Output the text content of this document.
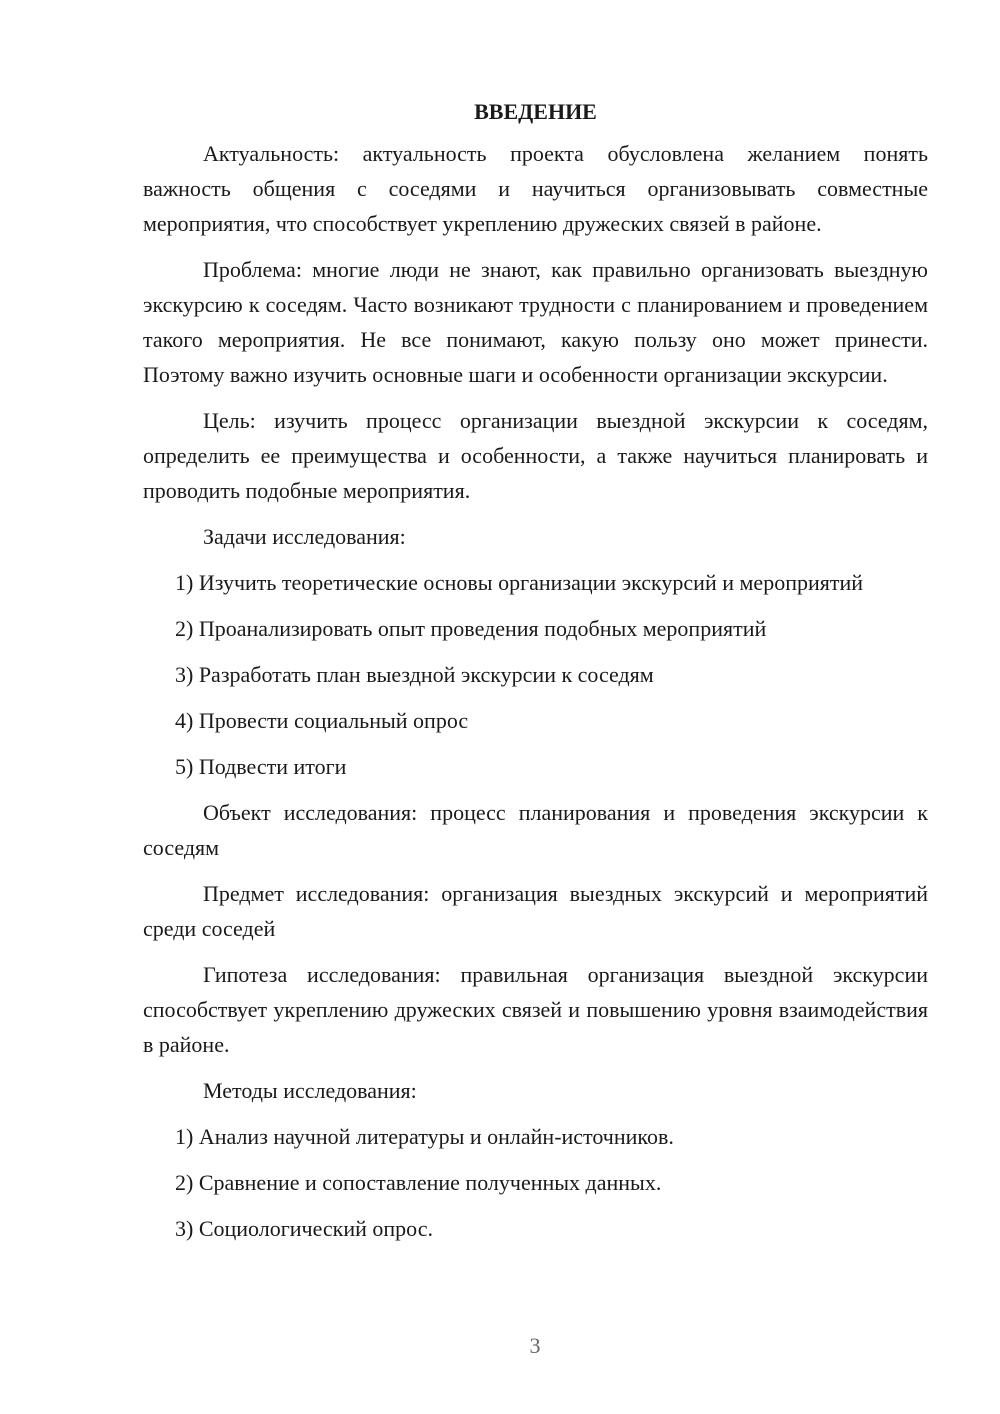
ВВЕДЕНИЕ

Актуальность: актуальность проекта обусловлена желанием понять важность общения с соседями и научиться организовывать совместные мероприятия, что способствует укреплению дружеских связей в районе.

Проблема: многие люди не знают, как правильно организовать выездную экскурсию к соседям. Часто возникают трудности с планированием и проведением такого мероприятия. Не все понимают, какую пользу оно может принести. Поэтому важно изучить основные шаги и особенности организации экскурсии.

Цель: изучить процесс организации выездной экскурсии к соседям, определить ее преимущества и особенности, а также научиться планировать и проводить подобные мероприятия.

Задачи исследования:

1) Изучить теоретические основы организации экскурсий и мероприятий

2) Проанализировать опыт проведения подобных мероприятий

3) Разработать план выездной экскурсии к соседям

4) Провести социальный опрос

5) Подвести итоги

Объект исследования: процесс планирования и проведения экскурсии к соседям

Предмет исследования: организация выездных экскурсий и мероприятий среди соседей

Гипотеза исследования: правильная организация выездной экскурсии способствует укреплению дружеских связей и повышению уровня взаимодействия в районе.

Методы исследования:

1) Анализ научной литературы и онлайн-источников.

2) Сравнение и сопоставление полученных данных.

3) Социологический опрос.

3
